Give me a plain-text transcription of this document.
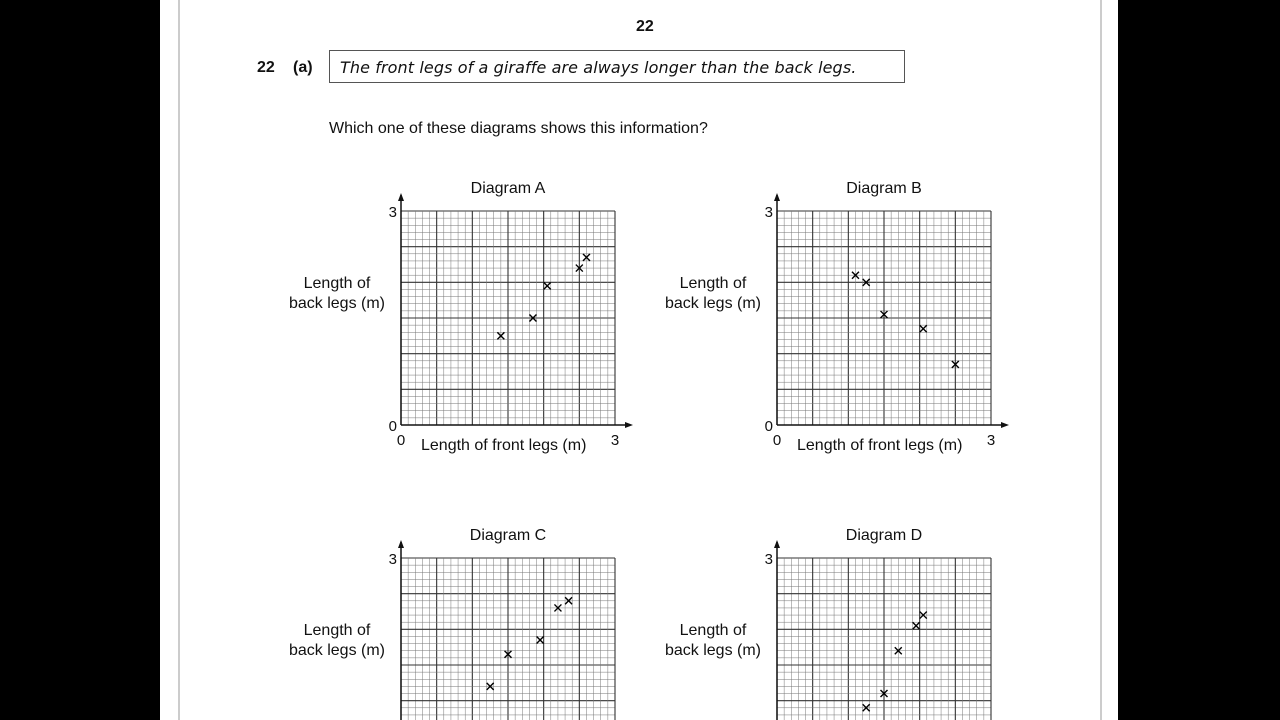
22
22 (a)	The front legs of a giraffe are always longer than the back legs.
Which one of these diagrams shows this information?
Diagram A
3
0
0	3
Length of front legs (m)
Length of
back legs (m)
Diagram B
3
0
0	3
Length of front legs (m)
Length of
back legs (m)
Diagram C
3
Length of
back legs (m)
Diagram D
3
Length of
back legs (m)
